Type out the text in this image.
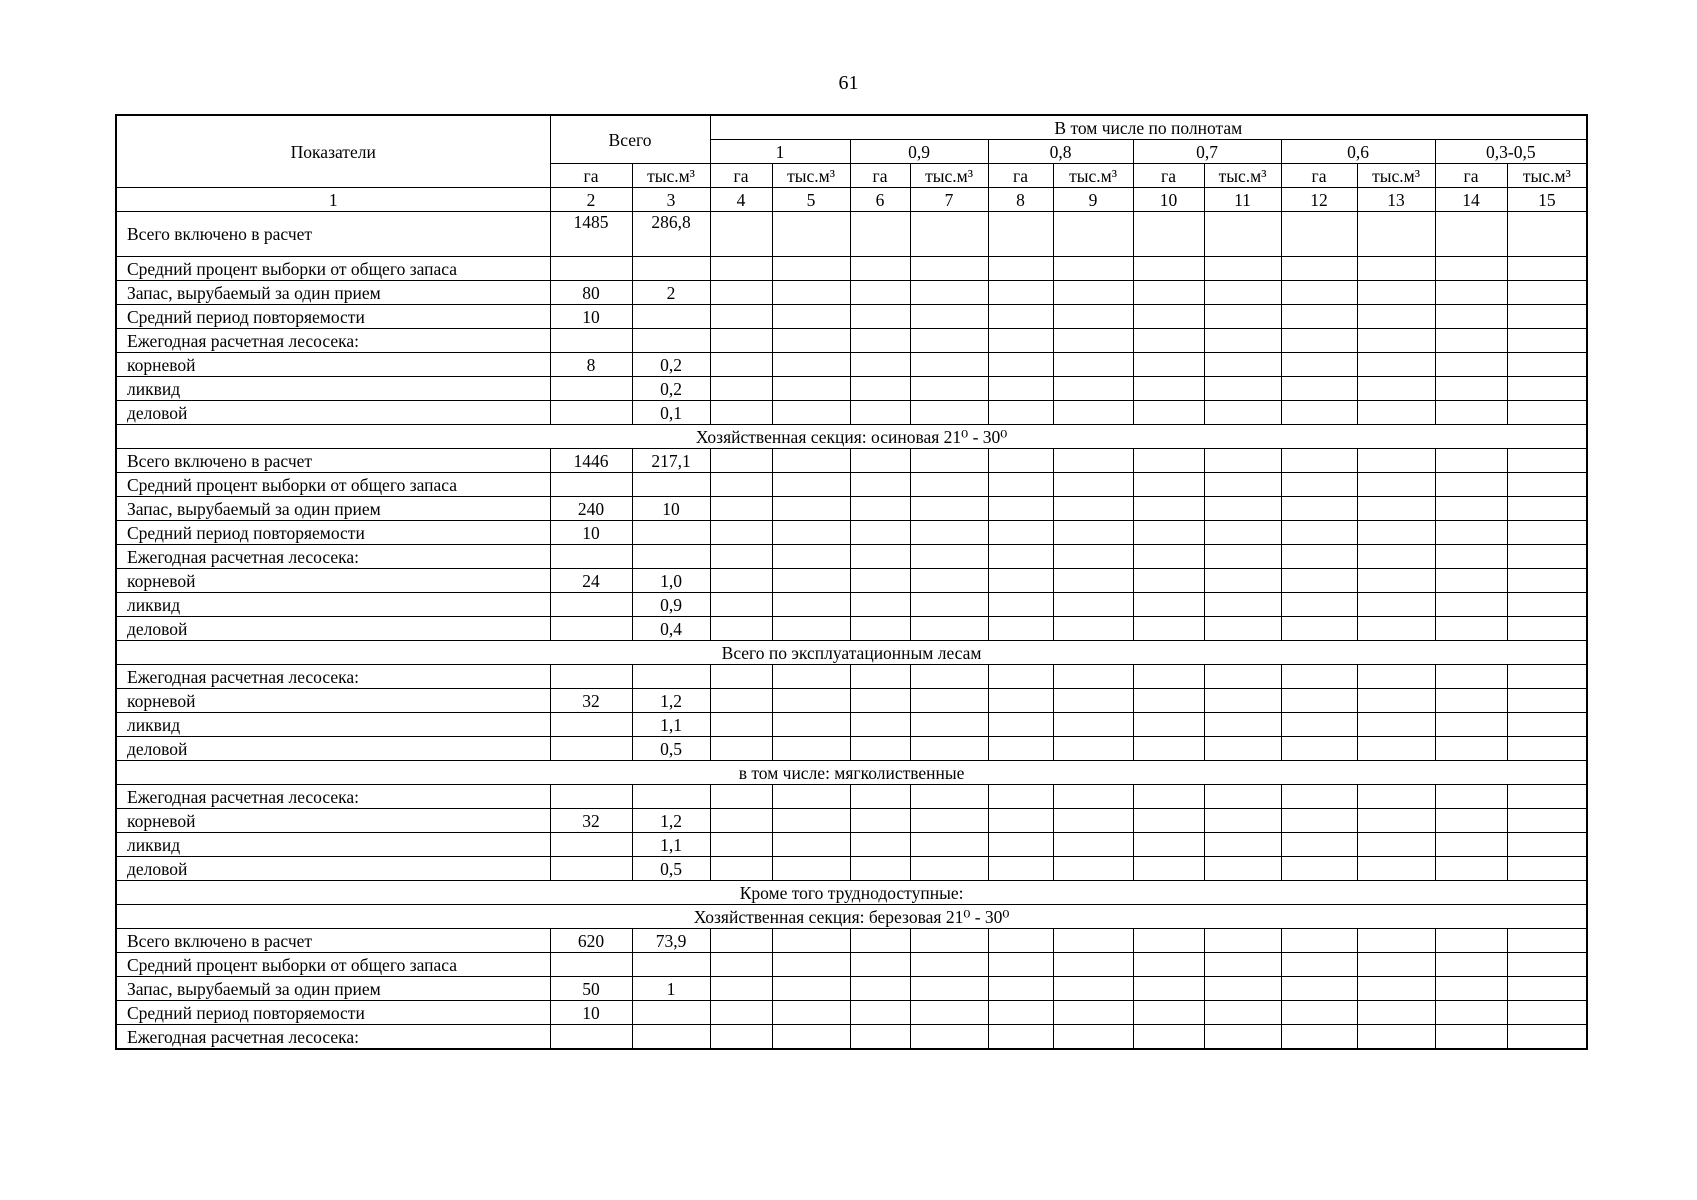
61
Показатели	Всего		В том числе по полнотам											
			1		0,9		0,8		0,7		0,6		0,3-0,5	
	га	тыс.м³	га	тыс.м³	га	тыс.м³	га	тыс.м³	га	тыс.м³	га	тыс.м³	га	тыс.м³
1	2	3	4	5	6	7	8	9	10	11	12	13	14	15
Всего включено в расчет	1485	286,8												
Средний процент выборки от общего запаса														
Запас, вырубаемый за один прием	80	2												
Средний период повторяемости	10													
Ежегодная расчетная лесосека:														
корневой	8	0,2												
ликвид		0,2												
деловой		0,1												
Хозяйственная секция: осиновая 21⁰ - 30⁰														
Всего включено в расчет	1446	217,1												
Средний процент выборки от общего запаса														
Запас, вырубаемый за один прием	240	10												
Средний период повторяемости	10													
Ежегодная расчетная лесосека:														
корневой	24	1,0												
ликвид		0,9												
деловой		0,4												
Всего по эксплуатационным лесам														
Ежегодная расчетная лесосека:														
корневой	32	1,2												
ликвид		1,1												
деловой		0,5												
в том числе: мягколиственные														
Ежегодная расчетная лесосека:														
корневой	32	1,2												
ликвид		1,1												
деловой		0,5												
Кроме того труднодоступные:														
Хозяйственная секция: березовая 21⁰ - 30⁰														
Всего включено в расчет	620	73,9												
Средний процент выборки от общего запаса														
Запас, вырубаемый за один прием	50	1												
Средний период повторяемости	10													
Ежегодная расчетная лесосека:														
